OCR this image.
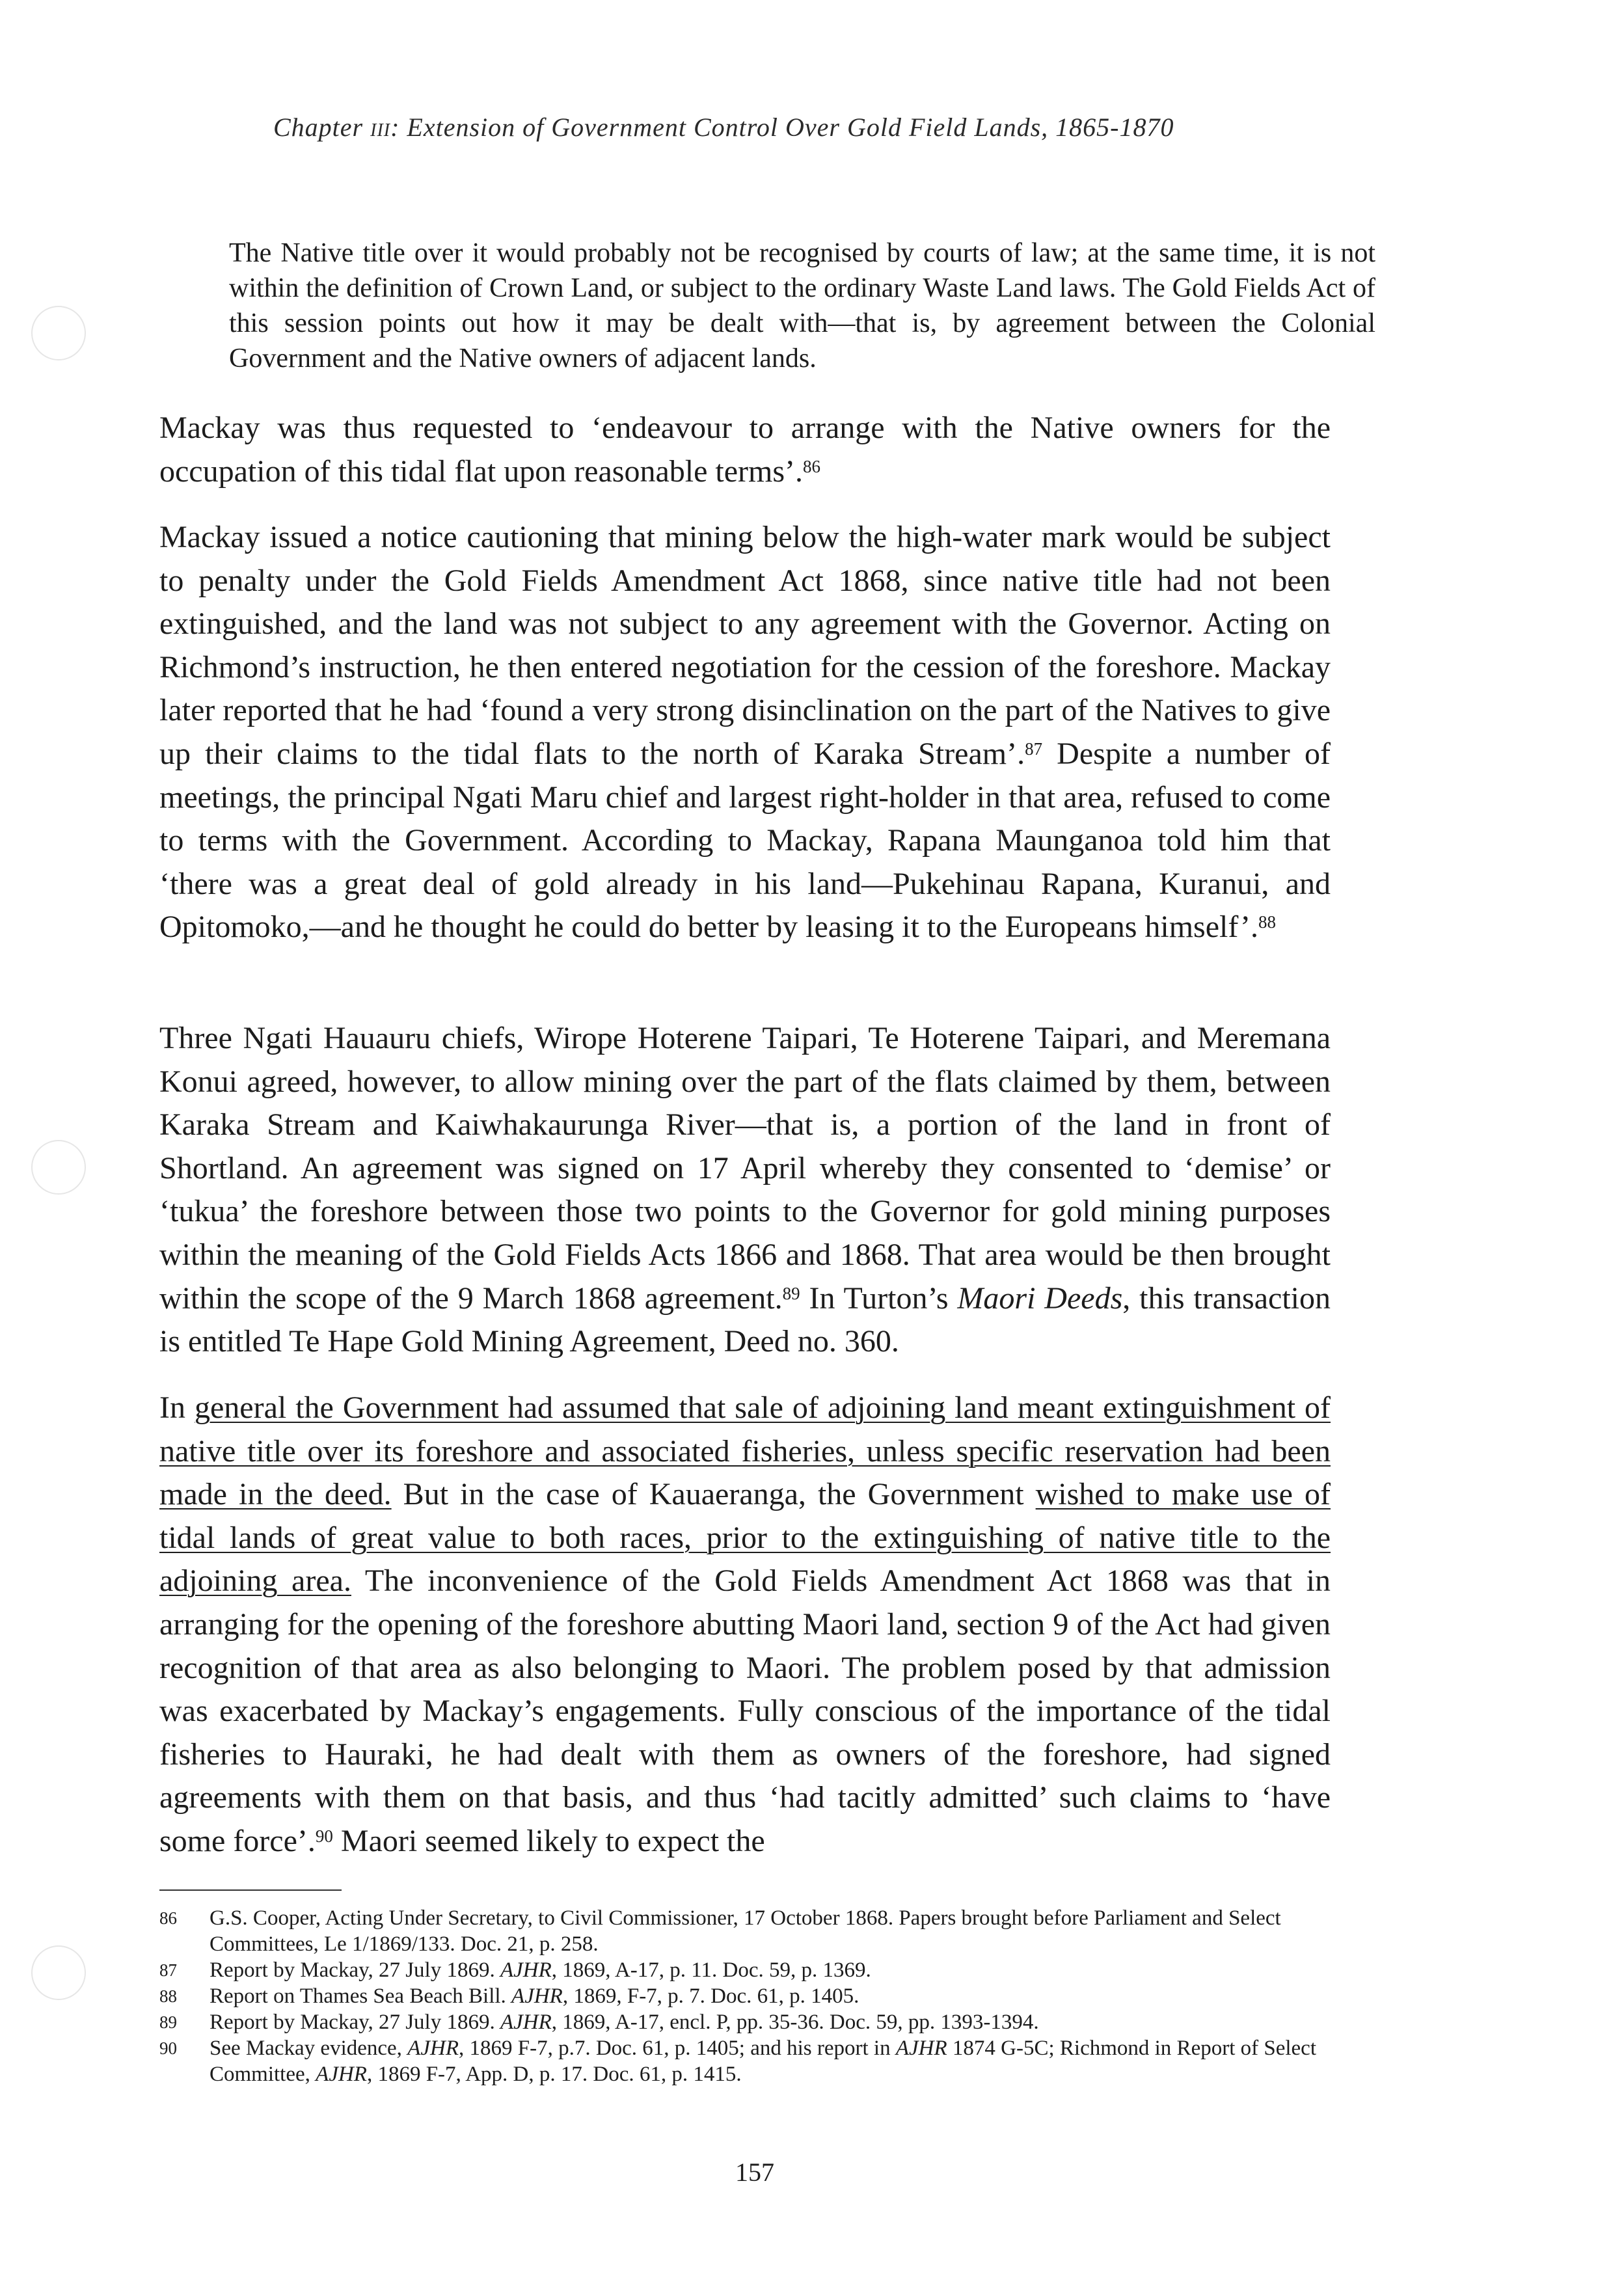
Chapter iii: Extension of Government Control Over Gold Field Lands, 1865-1870
The Native title over it would probably not be recognised by courts of law; at the same time, it is not within the definition of Crown Land, or subject to the ordinary Waste Land laws. The Gold Fields Act of this session points out how it may be dealt with—that is, by agreement between the Colonial Government and the Native owners of adjacent lands.
Mackay was thus requested to ‘endeavour to arrange with the Native owners for the occupation of this tidal flat upon reasonable terms’.$^{86}$
Mackay issued a notice cautioning that mining below the high-water mark would be subject to penalty under the Gold Fields Amendment Act 1868, since native title had not been extinguished, and the land was not subject to any agreement with the Governor. Acting on Richmond’s instruction, he then entered negotiation for the cession of the foreshore. Mackay later reported that he had ‘found a very strong disinclination on the part of the Natives to give up their claims to the tidal flats to the north of Karaka Stream’.$^{87}$ Despite a number of meetings, the principal Ngati Maru chief and largest right-holder in that area, refused to come to terms with the Government. According to Mackay, Rapana Maunganoa told him that ‘there was a great deal of gold already in his land—Pukehinau Rapana, Kuranui, and Opitomoko,—and he thought he could do better by leasing it to the Europeans himself’.$^{88}$
Three Ngati Hauauru chiefs, Wirope Hoterene Taipari, Te Hoterene Taipari, and Meremana Konui agreed, however, to allow mining over the part of the flats claimed by them, between Karaka Stream and Kaiwhakaurunga River—that is, a portion of the land in front of Shortland. An agreement was signed on 17 April whereby they consented to ‘demise’ or ‘tukua’ the foreshore between those two points to the Governor for gold mining purposes within the meaning of the Gold Fields Acts 1866 and 1868. That area would be then brought within the scope of the 9 March 1868 agreement.$^{89}$ In Turton’s Maori Deeds, this transaction is entitled Te Hape Gold Mining Agreement, Deed no. 360.
In general the Government had assumed that sale of adjoining land meant extinguishment of native title over its foreshore and associated fisheries, unless specific reservation had been made in the deed. But in the case of Kauaeranga, the Government wished to make use of tidal lands of great value to both races, prior to the extinguishing of native title to the adjoining area. The inconvenience of the Gold Fields Amendment Act 1868 was that in arranging for the opening of the foreshore abutting Maori land, section 9 of the Act had given recognition of that area as also belonging to Maori. The problem posed by that admission was exacerbated by Mackay’s engagements. Fully conscious of the importance of the tidal fisheries to Hauraki, he had dealt with them as owners of the foreshore, had signed agreements with them on that basis, and thus ‘had tacitly admitted’ such claims to ‘have some force’.$^{90}$ Maori seemed likely to expect the
86	G.S. Cooper, Acting Under Secretary, to Civil Commissioner, 17 October 1868. Papers brought before Parliament and Select Committees, Le 1/1869/133. Doc. 21, p. 258.
87	Report by Mackay, 27 July 1869. AJHR, 1869, A-17, p. 11. Doc. 59, p. 1369.
88	Report on Thames Sea Beach Bill. AJHR, 1869, F-7, p. 7. Doc. 61, p. 1405.
89	Report by Mackay, 27 July 1869. AJHR, 1869, A-17, encl. P, pp. 35-36. Doc. 59, pp. 1393-1394.
90	See Mackay evidence, AJHR, 1869 F-7, p.7. Doc. 61, p. 1405; and his report in AJHR 1874 G-5C; Richmond in Report of Select Committee, AJHR, 1869 F-7, App. D, p. 17. Doc. 61, p. 1415.
157
